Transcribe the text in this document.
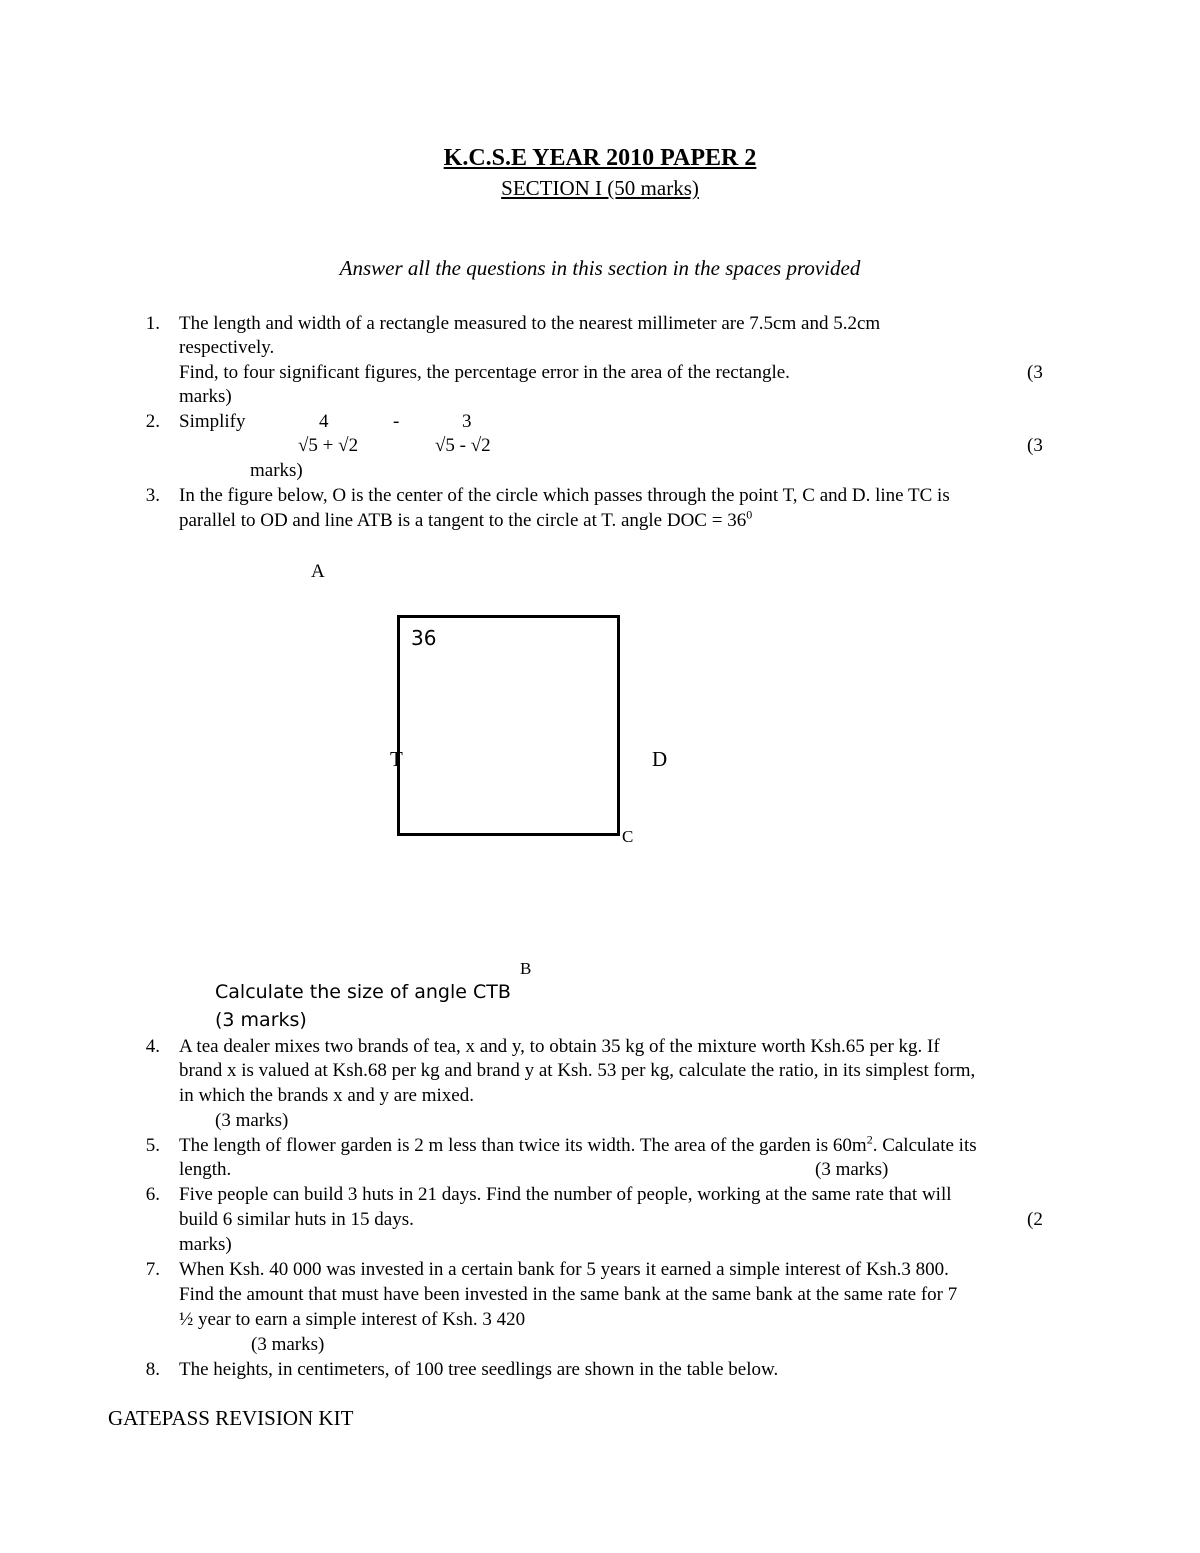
K.C.S.E YEAR 2010 PAPER 2
SECTION I (50 marks)
Answer all the questions in this section in the spaces provided
1. The length and width of a rectangle measured to the nearest millimeter are 7.5cm and 5.2cm
respectively.
Find, to four significant figures, the percentage error in the area of the rectangle.	(3
marks)
2. Simplify	4	-	3
√5 + √2	√5 - √2	(3
marks)
3. In the figure below, O is the center of the circle which passes through the point T, C and D. line TC is
parallel to OD and line ATB is a tangent to the circle at T. angle DOC = $36^0$
A
36
T	D
C
B
Calculate the size of angle CTB
(3 marks)
4. A tea dealer mixes two brands of tea, x and y, to obtain 35 kg of the mixture worth Ksh.65 per kg. If
brand x is valued at Ksh.68 per kg and brand y at Ksh. 53 per kg, calculate the ratio, in its simplest form,
in which the brands x and y are mixed.
(3 marks)
5. The length of flower garden is 2 m less than twice its width. The area of the garden is $60m^2$. Calculate its
length.	(3 marks)
6. Five people can build 3 huts in 21 days. Find the number of people, working at the same rate that will
build 6 similar huts in 15 days.	(2
marks)
7. When Ksh. 40 000 was invested in a certain bank for 5 years it earned a simple interest of Ksh.3 800.
Find the amount that must have been invested in the same bank at the same bank at the same rate for 7
½ year to earn a simple interest of Ksh. 3 420
(3 marks)
8. The heights, in centimeters, of 100 tree seedlings are shown in the table below.
GATEPASS REVISION KIT
